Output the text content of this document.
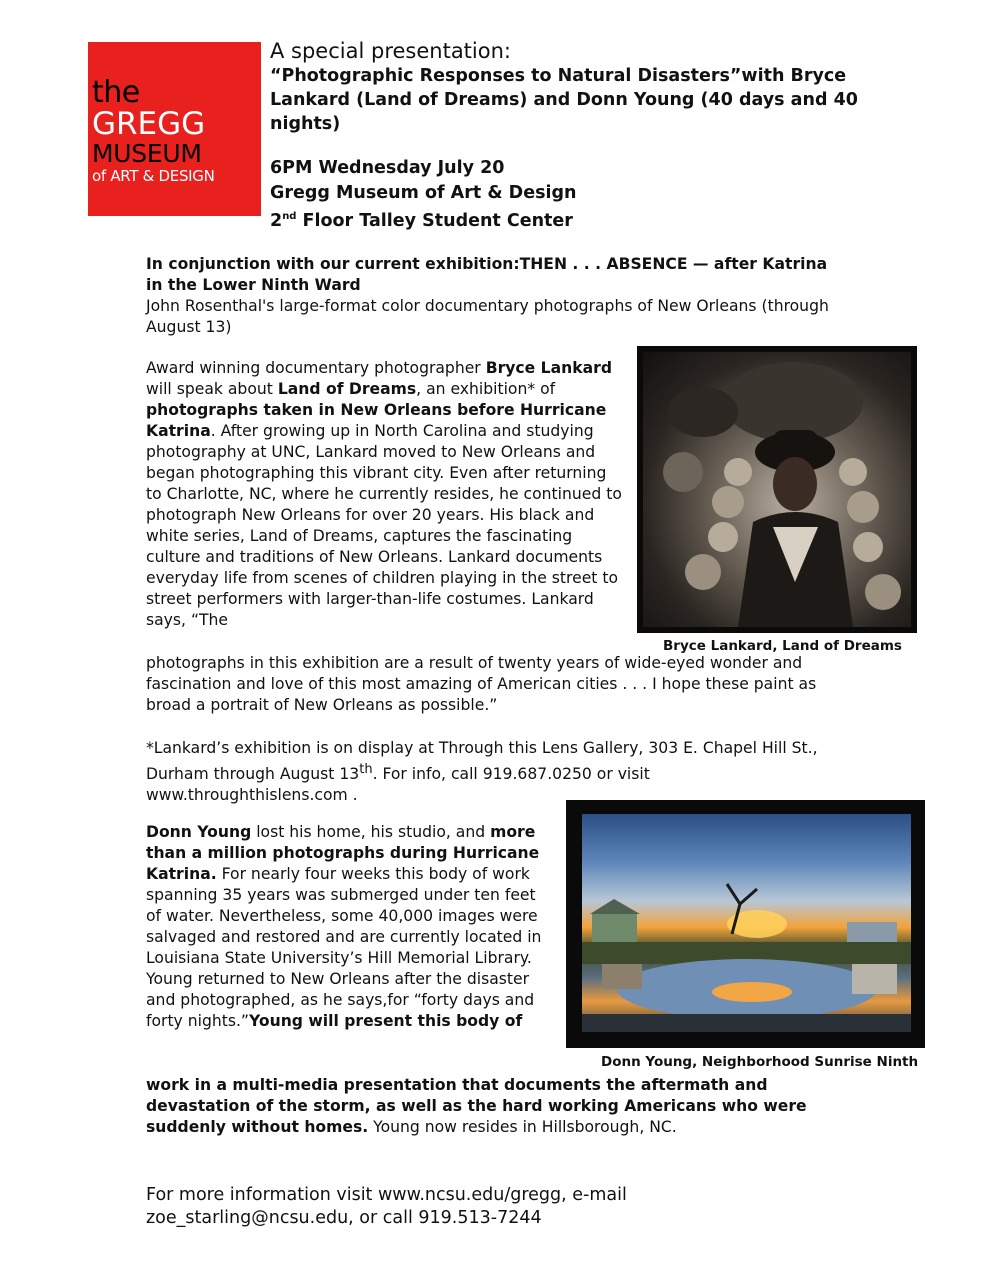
the
GREGG
MUSEUM
of ART & DESIGN

A special presentation:

“Photographic Responses to Natural Disasters”with Bryce Lankard (Land of Dreams) and Donn Young (40 days and 40 nights)

6PM Wednesday July 20
Gregg Museum of Art & Design
2nd Floor Talley Student Center
In conjunction with our current exhibition:THEN . . . ABSENCE — after Katrina in the Lower Ninth Ward
John Rosenthal's large-format color documentary photographs of New Orleans (through August 13)
Award winning documentary photographer Bryce Lankard will speak about Land of Dreams, an exhibition* of photographs taken in New Orleans before Hurricane Katrina. After growing up in North Carolina and studying photography at UNC, Lankard moved to New Orleans and began photographing this vibrant city. Even after returning to Charlotte, NC, where he currently resides, he continued to photograph New Orleans for over 20 years. His black and white series, Land of Dreams, captures the fascinating culture and traditions of New Orleans. Lankard documents everyday life from scenes of children playing in the street to street performers with larger-than-life costumes. Lankard says, “The
photographs in this exhibition are a result of twenty years of wide-eyed wonder and fascination and love of this most amazing of American cities . . . I hope these paint as broad a portrait of New Orleans as possible.”
Bryce Lankard, Land of Dreams
*Lankard’s exhibition is on display at Through this Lens Gallery, 303 E. Chapel Hill St., Durham through August 13th. For info, call 919.687.0250 or visit www.throughthislens.com .
Donn Young lost his home, his studio, and more than a million photographs during Hurricane Katrina. For nearly four weeks this body of work spanning 35 years was submerged under ten feet of water. Nevertheless, some 40,000 images were salvaged and restored and are currently located in Louisiana State University’s Hill Memorial Library. Young returned to New Orleans after the disaster and photographed, as he says,for “forty days and forty nights.”Young will present this body of
Donn Young, Neighborhood Sunrise Ninth
work in a multi-media presentation that documents the aftermath and devastation of the storm, as well as the hard working Americans who were suddenly without homes. Young now resides in Hillsborough, NC.
For more information visit www.ncsu.edu/gregg, e-mail zoe_starling@ncsu.edu, or call 919.513-7244
